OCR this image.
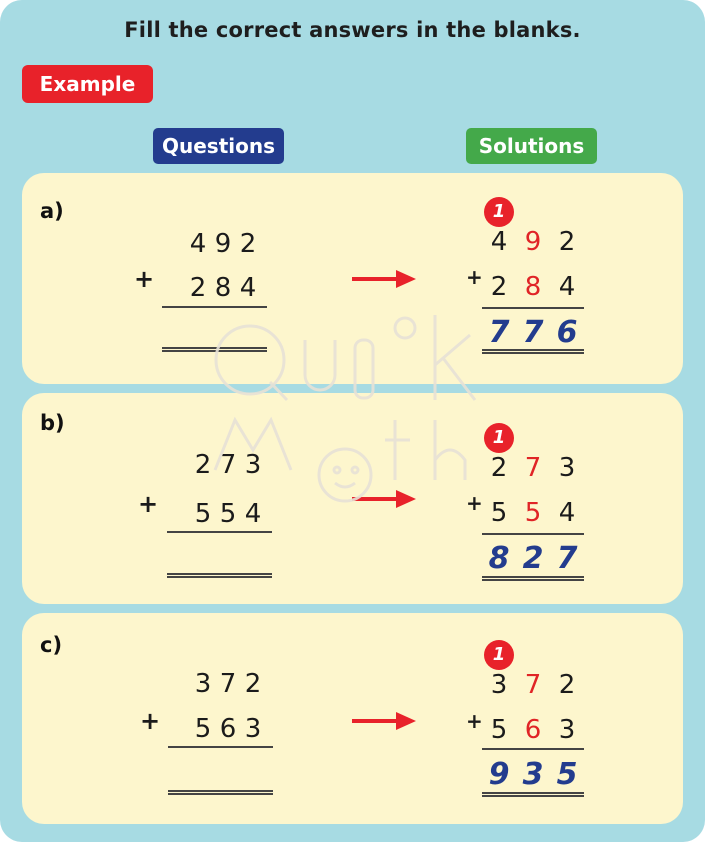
Fill the correct answers in the blanks.
Example
Questions	Solutions
a)
4 9 2
+ 2 8 4
1
4 9 2
+ 2 8 4
7 7 6
b)
2 7 3
+ 5 5 4
1
2 7 3
+ 5 5 4
8 2 7
c)
3 7 2
+ 5 6 3
1
3 7 2
+ 5 6 3
9 3 5
